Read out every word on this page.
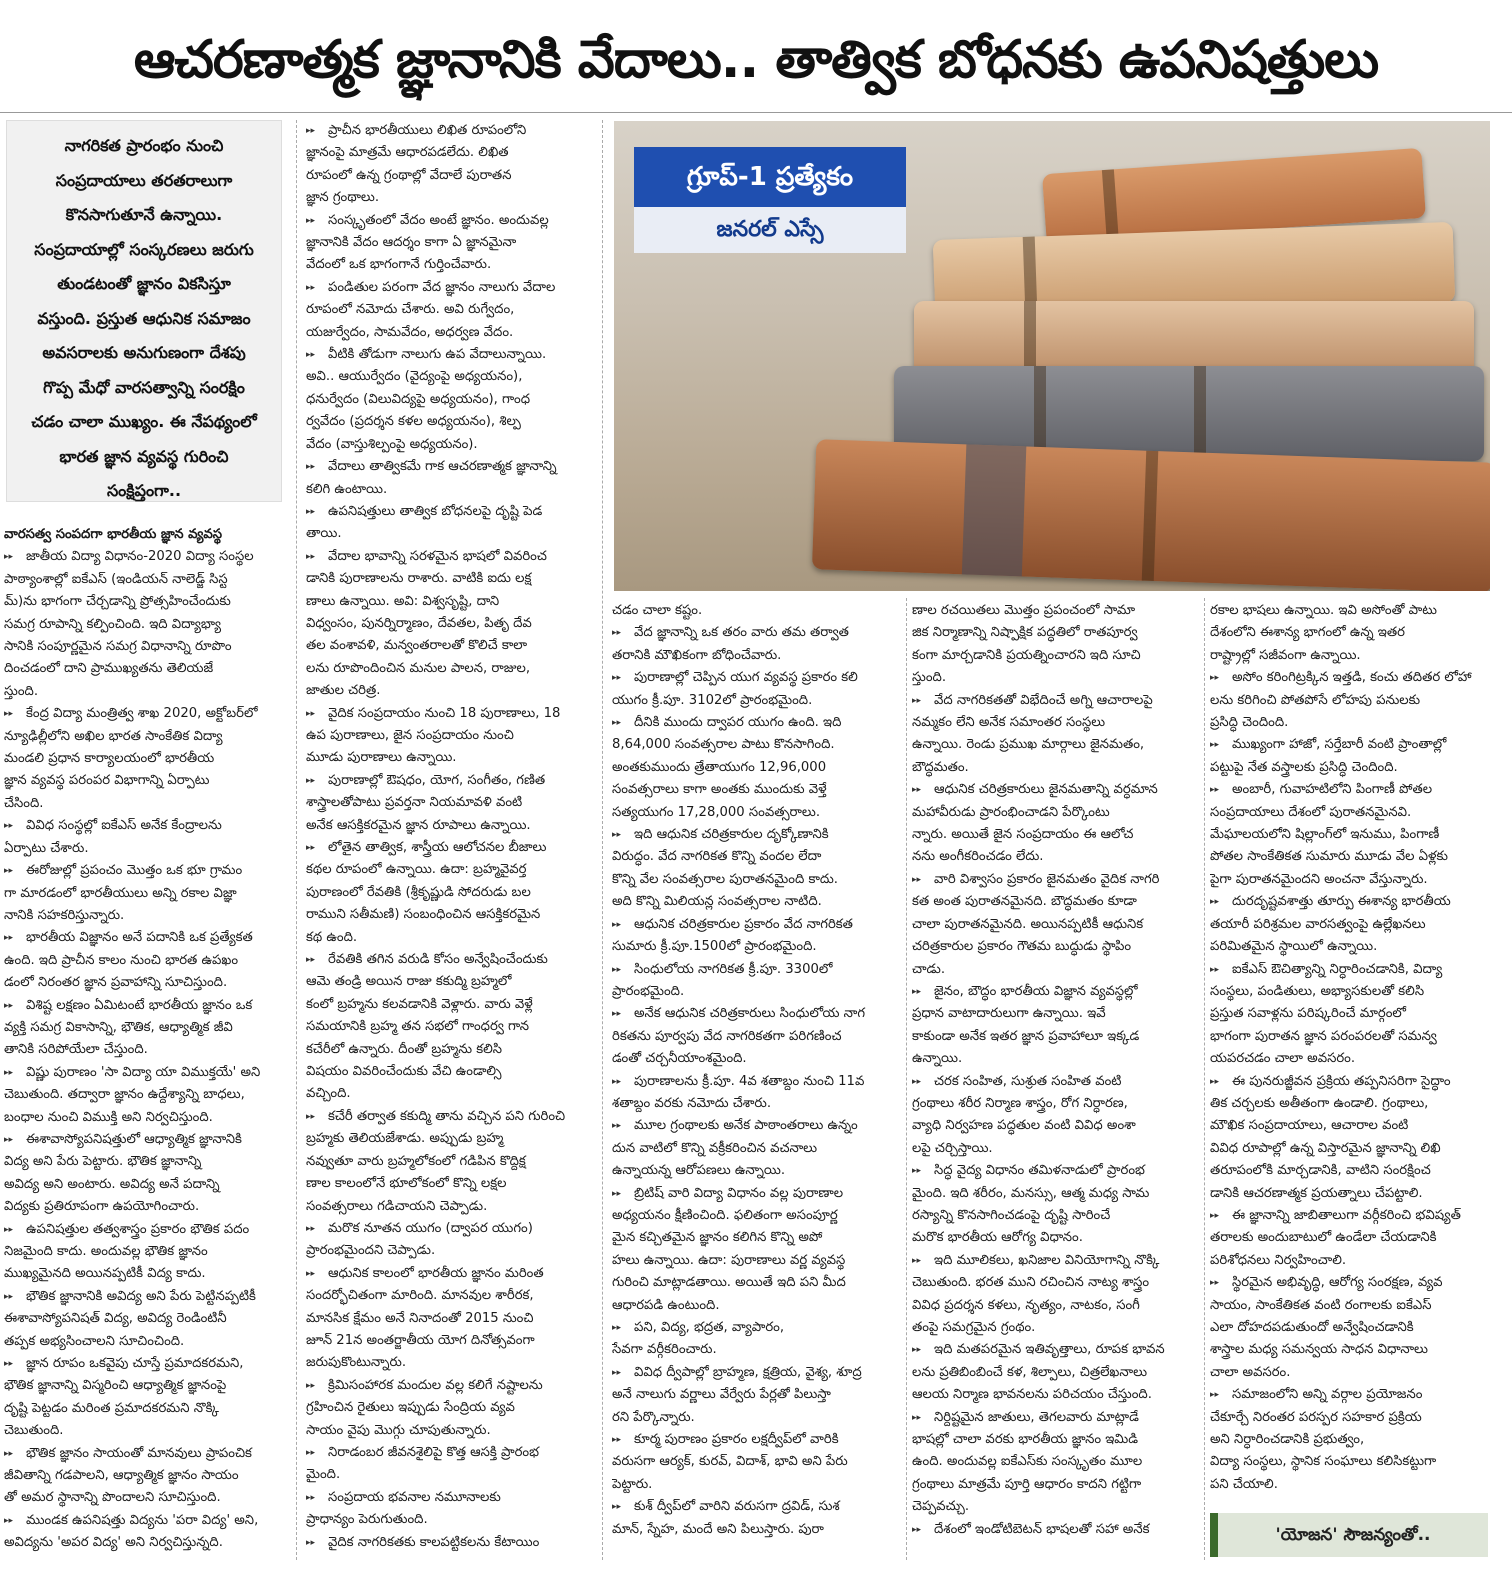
ఆచరణాత్మక జ్ఞానానికి వేదాలు.. తాత్విక బోధనకు ఉపనిషత్తులు
నాగరికత ప్రారంభం నుంచి
సంప్రదాయాలు తరతరాలుగా
కొనసాగుతూనే ఉన్నాయి.
సంప్రదాయాల్లో సంస్కరణలు జరుగు
తుండటంతో జ్ఞానం వికసిస్తూ
వస్తుంది. ప్రస్తుత ఆధునిక సమాజం
అవసరాలకు అనుగుణంగా దేశపు
గొప్ప మేధో వారసత్వాన్ని సంరక్షిం
చడం చాలా ముఖ్యం. ఈ నేపథ్యంలో
భారత జ్ఞాన వ్యవస్థ గురించి
సంక్షిప్తంగా..
గ్రూప్-1 ప్రత్యేకం
జనరల్ ఎస్సే

వారసత్వ సంపదగా భారతీయ జ్ఞాన వ్యవస్థ

▸▸ జాతీయ విద్యా విధానం-2020 విద్యా సంస్థల

పాఠ్యాంశాల్లో ఐకేఎస్ (ఇండియన్ నాలెడ్జ్ సిస్ట

మ్)ను భాగంగా చేర్చడాన్ని ప్రోత్సహించేందుకు

సమగ్ర రూపాన్ని కల్పించింది. ఇది విద్యాభ్యా

సానికి సంపూర్ణమైన సమగ్ర విధానాన్ని రూపొం

దించడంలో దాని ప్రాముఖ్యతను తెలియజే

స్తుంది.

▸▸ కేంద్ర విద్యా మంత్రిత్వ శాఖ 2020, అక్టోబర్‌లో

న్యూఢిల్లీలోని అఖిల భారత సాంకేతిక విద్యా

మండలి ప్రధాన కార్యాలయంలో భారతీయ

జ్ఞాన వ్యవస్థ పరంపర విభాగాన్ని ఏర్పాటు

చేసింది.

▸▸ వివిధ సంస్థల్లో ఐకేఎస్ అనేక కేంద్రాలను

ఏర్పాటు చేశారు.

▸▸ ఈరోజుల్లో ప్రపంచం మొత్తం ఒక భూ గ్రామం

గా మారడంలో భారతీయులు అన్ని రకాల విజ్ఞా

నానికి సహకరిస్తున్నారు.

▸▸ భారతీయ విజ్ఞానం అనే పదానికి ఒక ప్రత్యేకత

ఉంది. ఇది ప్రాచీన కాలం నుంచి భారత ఉపఖం

డంలో నిరంతర జ్ఞాన ప్రవాహాన్ని సూచిస్తుంది.

▸▸ విశిష్ట లక్షణం ఏమిటంటే భారతీయ జ్ఞానం ఒక

వ్యక్తి సమగ్ర వికాసాన్ని, భౌతిక, ఆధ్యాత్మిక జీవి

తానికి సరిపోయేలా చేస్తుంది.

▸▸ విష్ణు పురాణం 'సా విద్యా యా విముక్తయే' అని

చెబుతుంది. తద్వారా జ్ఞానం ఉద్దేశ్యాన్ని బాధలు,

బంధాల నుంచి విముక్తి అని నిర్వచిస్తుంది.

▸▸ ఈశావాస్యోపనిషత్తులో ఆధ్యాత్మిక జ్ఞానానికి

విద్య అని పేరు పెట్టారు. భౌతిక జ్ఞానాన్ని

అవిద్య అని అంటారు. అవిద్య అనే పదాన్ని

విద్యకు ప్రతిరూపంగా ఉపయోగించారు.

▸▸ ఉపనిషత్తుల తత్వశాస్త్రం ప్రకారం భౌతిక పదం

నిజమైంది కాదు. అందువల్ల భౌతిక జ్ఞానం

ముఖ్యమైనది అయినప్పటికీ విద్య కాదు.

▸▸ భౌతిక జ్ఞానానికి అవిద్య అని పేరు పెట్టినప్పటికీ

ఈశావాస్యోపనిషత్ విద్య, అవిద్య రెండింటినీ

తప్పక అభ్యసించాలని సూచించింది.

▸▸ జ్ఞాన రూపం ఒకవైపు చూస్తే ప్రమాదకరమని,

భౌతిక జ్ఞానాన్ని విస్మరించి ఆధ్యాత్మిక జ్ఞానంపై

దృష్టి పెట్టడం మరింత ప్రమాదకరమని నొక్కి

చెబుతుంది.

▸▸ భౌతిక జ్ఞానం సాయంతో మానవులు ప్రాపంచిక

జీవితాన్ని గడపాలని, ఆధ్యాత్మిక జ్ఞానం సాయం

తో అమర స్థానాన్ని పొందాలని సూచిస్తుంది.

▸▸ ముండక ఉపనిషత్తు విద్యను 'పరా విద్య' అని,

అవిద్యను 'అపర విద్య' అని నిర్వచిస్తున్నది.

▸▸ ప్రాచీన భారతీయులు లిఖిత రూపంలోని

జ్ఞానంపై మాత్రమే ఆధారపడలేదు. లిఖిత

రూపంలో ఉన్న గ్రంథాల్లో వేదాలే పురాతన

జ్ఞాన గ్రంథాలు.

▸▸ సంస్కృతంలో వేదం అంటే జ్ఞానం. అందువల్ల

జ్ఞానానికి వేదం ఆదర్శం కాగా ఏ జ్ఞానమైనా

వేదంలో ఒక భాగంగానే గుర్తించేవారు.

▸▸ పండితుల పరంగా వేద జ్ఞానం నాలుగు వేదాల

రూపంలో నమోదు చేశారు. అవి రుగ్వేదం,

యజుర్వేదం, సామవేదం, అధర్వణ వేదం.

▸▸ వీటికి తోడుగా నాలుగు ఉప వేదాలున్నాయి.

అవి.. ఆయుర్వేదం (వైద్యంపై అధ్యయనం),

ధనుర్వేదం (విలువిద్యపై అధ్యయనం), గాంధ

ర్వవేదం (ప్రదర్శన కళల అధ్యయనం), శిల్ప

వేదం (వాస్తుశిల్పంపై అధ్యయనం).

▸▸ వేదాలు తాత్వికమే గాక ఆచరణాత్మక జ్ఞానాన్ని

కలిగి ఉంటాయి.

▸▸ ఉపనిషత్తులు తాత్విక బోధనలపై దృష్టి పెడ

తాయి.

▸▸ వేదాల భావాన్ని సరళమైన భాషలో వివరించ

డానికి పురాణాలను రాశారు. వాటికి ఐదు లక్ష

ణాలు ఉన్నాయి. అవి: విశ్వసృష్టి, దాని

విధ్వంసం, పునర్నిర్మాణం, దేవతల, పితృ దేవ

తల వంశావళి, మన్వంతరాలతో కొలిచే కాలా

లను రూపొందించిన మనుల పాలన, రాజుల,

జాతుల చరిత్ర.

▸▸ వైదిక సంప్రదాయం నుంచి 18 పురాణాలు, 18

ఉప పురాణాలు, జైన సంప్రదాయం నుంచి

మూడు పురాణాలు ఉన్నాయి.

▸▸ పురాణాల్లో ఔషధం, యోగ, సంగీతం, గణిత

శాస్త్రాలతోపాటు ప్రవర్తనా నియమావళి వంటి

అనేక ఆసక్తికరమైన జ్ఞాన రూపాలు ఉన్నాయి.

▸▸ లోతైన తాత్విక, శాస్త్రీయ ఆలోచనల బీజాలు

కథల రూపంలో ఉన్నాయి. ఉదా: బ్రహ్మవైవర్త

పురాణంలో రేవతికి (శ్రీకృష్ణుడి సోదరుడు బల

రాముని సతీమణి) సంబంధించిన ఆసక్తికరమైన

కథ ఉంది.

▸▸ రేవతికి తగిన వరుడి కోసం అన్వేషించేందుకు

ఆమె తండ్రి అయిన రాజు కకుద్మి బ్రహ్మలో

కంలో బ్రహ్మను కలవడానికి వెళ్లారు. వారు వెళ్లే

సమయానికి బ్రహ్మ తన సభలో గాంధర్వ గాన

కచేరీలో ఉన్నారు. దీంతో బ్రహ్మను కలిసి

విషయం వివరించేందుకు వేచి ఉండాల్సి

వచ్చింది.

▸▸ కచేరీ తర్వాత కకుద్మి తాను వచ్చిన పని గురించి

బ్రహ్మకు తెలియజేశాడు. అప్పుడు బ్రహ్మ

నవ్వుతూ వారు బ్రహ్మలోకంలో గడిపిన కొద్దిక్ష

ణాల కాలంలోనే భూలోకంలో కొన్ని లక్షల

సంవత్సరాలు గడిచాయని చెప్పాడు.

▸▸ మరొక నూతన యుగం (ద్వాపర యుగం)

ప్రారంభమైందని చెప్పాడు.

▸▸ ఆధునిక కాలంలో భారతీయ జ్ఞానం మరింత

సందర్భోచితంగా మారింది. మానవుల శారీరక,

మానసిక క్షేమం అనే నినాదంతో 2015 నుంచి

జూన్ 21న అంతర్జాతీయ యోగ దినోత్సవంగా

జరుపుకొంటున్నారు.

▸▸ క్రిమిసంహారక మందుల వల్ల కలిగే నష్టాలను

గ్రహించిన రైతులు ఇప్పుడు సేంద్రియ వ్యవ

సాయం వైపు మొగ్గు చూపుతున్నారు.

▸▸ నిరాడంబర జీవనశైలిపై కొత్త ఆసక్తి ప్రారంభ

మైంది.

▸▸ సంప్రదాయ భవనాల నమూనాలకు

ప్రాధాన్యం పెరుగుతుంది.

▸▸ వైదిక నాగరికతకు కాలపట్టికలను కేటాయిం

చడం చాలా కష్టం.

▸▸ వేద జ్ఞానాన్ని ఒక తరం వారు తమ తర్వాత

తరానికి మౌఖికంగా బోధించేవారు.

▸▸ పురాణాల్లో చెప్పిన యుగ వ్యవస్థ ప్రకారం కలి

యుగం క్రీ.పూ. 3102లో ప్రారంభమైంది.

▸▸ దీనికి ముందు ద్వాపర యుగం ఉంది. ఇది

8,64,000 సంవత్సరాల పాటు కొనసాగింది.

అంతకుముందు త్రేతాయుగం 12,96,000

సంవత్సరాలు కాగా అంతకు ముందుకు వెళ్తే

సత్యయుగం 17,28,000 సంవత్సరాలు.

▸▸ ఇది ఆధునిక చరిత్రకారుల దృక్కోణానికి

విరుద్ధం. వేద నాగరికత కొన్ని వందల లేదా

కొన్ని వేల సంవత్సరాల పురాతనమైంది కాదు.

అది కొన్ని మిలియన్ల సంవత్సరాల నాటిది.

▸▸ ఆధునిక చరిత్రకారుల ప్రకారం వేద నాగరికత

సుమారు క్రీ.పూ.1500లో ప్రారంభమైంది.

▸▸ సింధులోయ నాగరికత క్రీ.పూ. 3300లో

ప్రారంభమైంది.

▸▸ అనేక ఆధునిక చరిత్రకారులు సింధులోయ నాగ

రికతను పూర్వపు వేద నాగరికతగా పరిగణించ

డంతో చర్చనీయాంశమైంది.

▸▸ పురాణాలను క్రీ.పూ. 4వ శతాబ్దం నుంచి 11వ

శతాబ్దం వరకు నమోదు చేశారు.

▸▸ మూల గ్రంథాలకు అనేక పాఠాంతరాలు ఉన్నం

దున వాటిలో కొన్ని వక్రీకరించిన వచనాలు

ఉన్నాయన్న ఆరోపణలు ఉన్నాయి.

▸▸ బ్రిటిష్ వారి విద్యా విధానం వల్ల పురాణాల

అధ్యయనం క్షీణించింది. ఫలితంగా అసంపూర్ణ

మైన కచ్చితమైన జ్ఞానం కలిగిన కొన్ని అపో

హలు ఉన్నాయి. ఉదా: పురాణాలు వర్ణ వ్యవస్థ

గురించి మాట్లాడతాయి. అయితే ఇది పని మీద

ఆధారపడి ఉంటుంది.

▸▸ పని, విద్య, భద్రత, వ్యాపారం,

సేవగా వర్గీకరించారు.

▸▸ వివిధ ద్వీపాల్లో బ్రాహ్మణ, క్షత్రియ, వైశ్య, శూద్ర

అనే నాలుగు వర్ణాలు వేర్వేరు పేర్లతో పిలుస్తా

రని పేర్కొన్నారు.

▸▸ కూర్మ పురాణం ప్రకారం లక్షద్వీప్‌లో వారికి

వరుసగా ఆర్యక్, కురవ్, విదాశ్, భావి అని పేరు

పెట్టారు.

▸▸ కుశ్ ద్వీప్‌లో వారిని వరుసగా ద్రవిడ్, సుశ

మాన్, స్నేహ, మందే అని పిలుస్తారు. పురా

ణాల రచయితలు మొత్తం ప్రపంచంలో సామా

జిక నిర్మాణాన్ని నిష్పాక్షిక పద్ధతిలో రాతపూర్వ

కంగా మార్చడానికి ప్రయత్నించారని ఇది సూచి

స్తుంది.

▸▸ వేద నాగరికతతో విభేదించే అగ్ని ఆచారాలపై

నమ్మకం లేని అనేక సమాంతర సంస్థలు

ఉన్నాయి. రెండు ప్రముఖ మార్గాలు జైనమతం,

బౌద్ధమతం.

▸▸ ఆధునిక చరిత్రకారులు జైనమతాన్ని వర్ధమాన

మహావీరుడు ప్రారంభించాడని పేర్కొంటు

న్నారు. అయితే జైన సంప్రదాయం ఈ ఆలోచ

నను అంగీకరించడం లేదు.

▸▸ వారి విశ్వాసం ప్రకారం జైనమతం వైదిక నాగరి

కత అంత పురాతనమైనది. బౌద్ధమతం కూడా

చాలా పురాతనమైనది. అయినప్పటికీ ఆధునిక

చరిత్రకారుల ప్రకారం గౌతమ బుద్ధుడు స్థాపిం

చాడు.

▸▸ జైనం, బౌద్ధం భారతీయ విజ్ఞాన వ్యవస్థల్లో

ప్రధాన వాటాదారులుగా ఉన్నాయి. ఇవే

కాకుండా అనేక ఇతర జ్ఞాన ప్రవాహాలూ ఇక్కడ

ఉన్నాయి.

▸▸ చరక సంహిత, సుశ్రుత సంహిత వంటి

గ్రంథాలు శరీర నిర్మాణ శాస్త్రం, రోగ నిర్ధారణ,

వ్యాధి నిర్వహణ పద్ధతుల వంటి వివిధ అంశా

లపై చర్చిస్తాయి.

▸▸ సిద్ధ వైద్య విధానం తమిళనాడులో ప్రారంభ

మైంది. ఇది శరీరం, మనస్సు, ఆత్మ మధ్య సామ

రస్యాన్ని కొనసాగించడంపై దృష్టి సారించే

మరొక భారతీయ ఆరోగ్య విధానం.

▸▸ ఇది మూలికలు, ఖనిజాల వినియోగాన్ని నొక్కి

చెబుతుంది. భరత ముని రచించిన నాట్య శాస్త్రం

వివిధ ప్రదర్శన కళలు, నృత్యం, నాటకం, సంగీ

తంపై సమగ్రమైన గ్రంథం.

▸▸ ఇది మతపరమైన ఇతివృత్తాలు, రూపక భావన

లను ప్రతిబింబించే కళ, శిల్పాలు, చిత్రలేఖనాలు

ఆలయ నిర్మాణ భావనలను పరిచయం చేస్తుంది.

▸▸ నిర్దిష్టమైన జాతులు, తెగలవారు మాట్లాడే

భాషల్లో చాలా వరకు భారతీయ జ్ఞానం ఇమిడి

ఉంది. అందువల్ల ఐకేఎస్‌కు సంస్కృతం మూల

గ్రంథాలు మాత్రమే పూర్తి ఆధారం కాదని గట్టిగా

చెప్పవచ్చు.

▸▸ దేశంలో ఇండోటిబెటన్ భాషలతో సహా అనేక

రకాల భాషలు ఉన్నాయి. ఇవి అసోంతో పాటు

దేశంలోని ఈశాన్య భాగంలో ఉన్న ఇతర

రాష్ట్రాల్లో సజీవంగా ఉన్నాయి.

▸▸ అసోం కరింగిట్రక్కిన ఇత్తడి, కంచు తదితర లోహా

లను కరిగించి పోతపోసే లోహపు పనులకు

ప్రసిద్ధి చెందింది.

▸▸ ముఖ్యంగా హాజో, సర్తేబారీ వంటి ప్రాంతాల్లో

పట్టుపై నేత వస్త్రాలకు ప్రసిద్ధి చెందింది.

▸▸ అంబారీ, గువాహటిలోని పింగాణీ పోతల

సంప్రదాయాలు దేశంలో పురాతనమైనవి.

మేఘాలయలోని షిల్లాంగ్‌లో ఇనుము, పింగాణీ

పోతల సాంకేతికత సుమారు మూడు వేల ఏళ్లకు

పైగా పురాతనమైందని అంచనా వేస్తున్నారు.

▸▸ దురదృష్టవశాత్తు తూర్పు ఈశాన్య భారతీయ

తయారీ పరిశ్రమల వారసత్వంపై ఉల్లేఖనలు

పరిమితమైన స్థాయిలో ఉన్నాయి.

▸▸ ఐకేఎస్ ఔచిత్యాన్ని నిర్ధారించడానికి, విద్యా

సంస్థలు, పండితులు, అభ్యాసకులతో కలిసి

ప్రస్తుత సవాళ్లను పరిష్కరించే మార్గంలో

భాగంగా పురాతన జ్ఞాన పరంపరలతో సమన్వ

యపరచడం చాలా అవసరం.

▸▸ ఈ పునరుజ్జీవన ప్రక్రియ తప్పనిసరిగా సైద్ధాం

తిక చర్చలకు అతీతంగా ఉండాలి. గ్రంథాలు,

మౌఖిక సంప్రదాయాలు, ఆచారాల వంటి

వివిధ రూపాల్లో ఉన్న విస్తారమైన జ్ఞానాన్ని లిఖి

తరూపంలోకి మార్చడానికి, వాటిని సంరక్షించ

డానికి ఆచరణాత్మక ప్రయత్నాలు చేపట్టాలి.

▸▸ ఈ జ్ఞానాన్ని జాబితాలుగా వర్గీకరించి భవిష్యత్

తరాలకు అందుబాటులో ఉండేలా చేయడానికి

పరిశోధనలు నిర్వహించాలి.

▸▸ స్థిరమైన అభివృద్ధి, ఆరోగ్య సంరక్షణ, వ్యవ

సాయం, సాంకేతికత వంటి రంగాలకు ఐకేఎస్

ఎలా దోహదపడుతుందో అన్వేషించడానికి

శాస్త్రాల మధ్య సమన్వయ సాధన విధానాలు

చాలా అవసరం.

▸▸ సమాజంలోని అన్ని వర్గాల ప్రయోజనం

చేకూర్చే నిరంతర పరస్పర సహకార ప్రక్రియ

అని నిర్ధారించడానికి ప్రభుత్వం,

విద్యా సంస్థలు, స్థానిక సంఘాలు కలిసికట్టుగా

పని చేయాలి.

'యోజన' సౌజన్యంతో..
